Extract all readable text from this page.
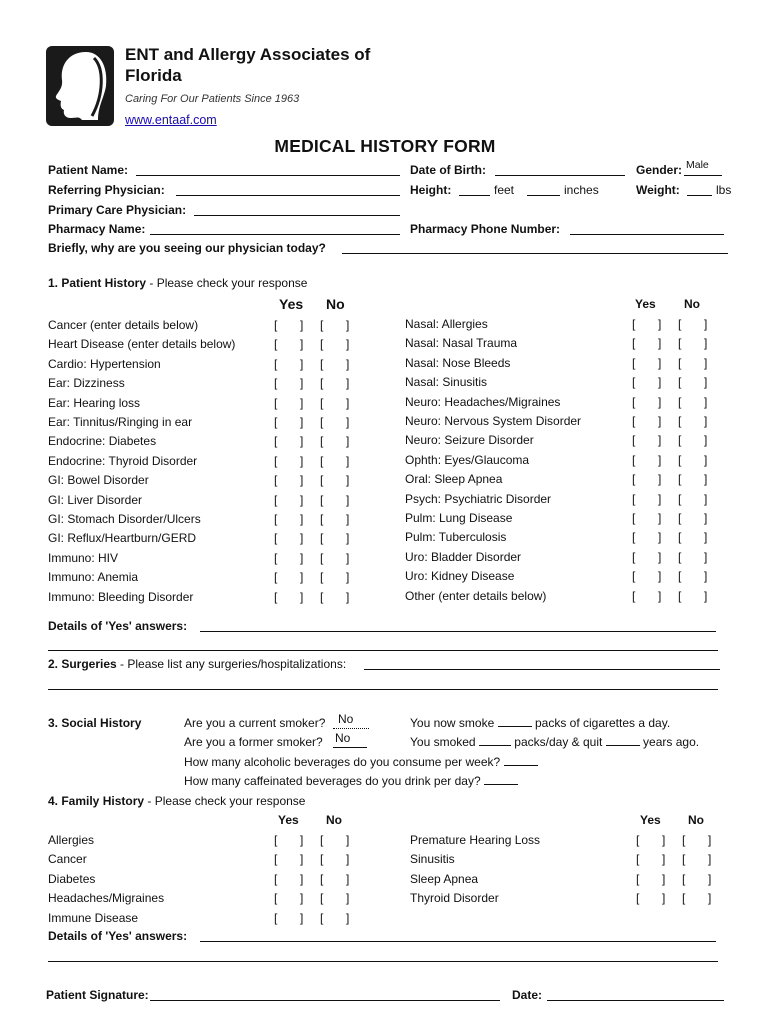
ENT and Allergy Associates of Florida
Caring For Our Patients Since 1963
www.entaaf.com
MEDICAL HISTORY FORM
Patient Name:	Date of Birth:	Gender: Male
Referring Physician:	Height:	feet	inches	Weight:	lbs
Primary Care Physician:
Pharmacy Name:	Pharmacy Phone Number:
Briefly, why are you seeing our physician today?
1. Patient History - Please check your response
Yes No	Yes No
Cancer (enter details below)	[ ] [ ]
Heart Disease (enter details below)	[ ] [ ]
Cardio: Hypertension	[ ] [ ]
Ear: Dizziness	[ ] [ ]
Ear: Hearing loss	[ ] [ ]
Ear: Tinnitus/Ringing in ear	[ ] [ ]
Endocrine: Diabetes	[ ] [ ]
Endocrine: Thyroid Disorder	[ ] [ ]
GI: Bowel Disorder	[ ] [ ]
GI: Liver Disorder	[ ] [ ]
GI: Stomach Disorder/Ulcers	[ ] [ ]
GI: Reflux/Heartburn/GERD	[ ] [ ]
Immuno: HIV	[ ] [ ]
Immuno: Anemia	[ ] [ ]
Immuno: Bleeding Disorder	[ ] [ ]
Nasal: Allergies	[ ] [ ]
Nasal: Nasal Trauma	[ ] [ ]
Nasal: Nose Bleeds	[ ] [ ]
Nasal: Sinusitis	[ ] [ ]
Neuro: Headaches/Migraines	[ ] [ ]
Neuro: Nervous System Disorder	[ ] [ ]
Neuro: Seizure Disorder	[ ] [ ]
Ophth: Eyes/Glaucoma	[ ] [ ]
Oral: Sleep Apnea	[ ] [ ]
Psych: Psychiatric Disorder	[ ] [ ]
Pulm: Lung Disease	[ ] [ ]
Pulm: Tuberculosis	[ ] [ ]
Uro: Bladder Disorder	[ ] [ ]
Uro: Kidney Disease	[ ] [ ]
Other (enter details below)	[ ] [ ]
Details of 'Yes' answers:
2. Surgeries - Please list any surgeries/hospitalizations:
3. Social History	Are you a current smoker? No	You now smoke	packs of cigarettes a day.
Are you a former smoker? No	You smoked	packs/day & quit	years ago.
How many alcoholic beverages do you consume per week?
How many caffeinated beverages do you drink per day?
4. Family History - Please check your response
Yes No	Yes No
Allergies	[ ] [ ]
Cancer	[ ] [ ]
Diabetes	[ ] [ ]
Headaches/Migraines	[ ] [ ]
Immune Disease	[ ] [ ]
Premature Hearing Loss	[ ] [ ]
Sinusitis	[ ] [ ]
Sleep Apnea	[ ] [ ]
Thyroid Disorder	[ ] [ ]
Details of 'Yes' answers:
Patient Signature:	Date:
